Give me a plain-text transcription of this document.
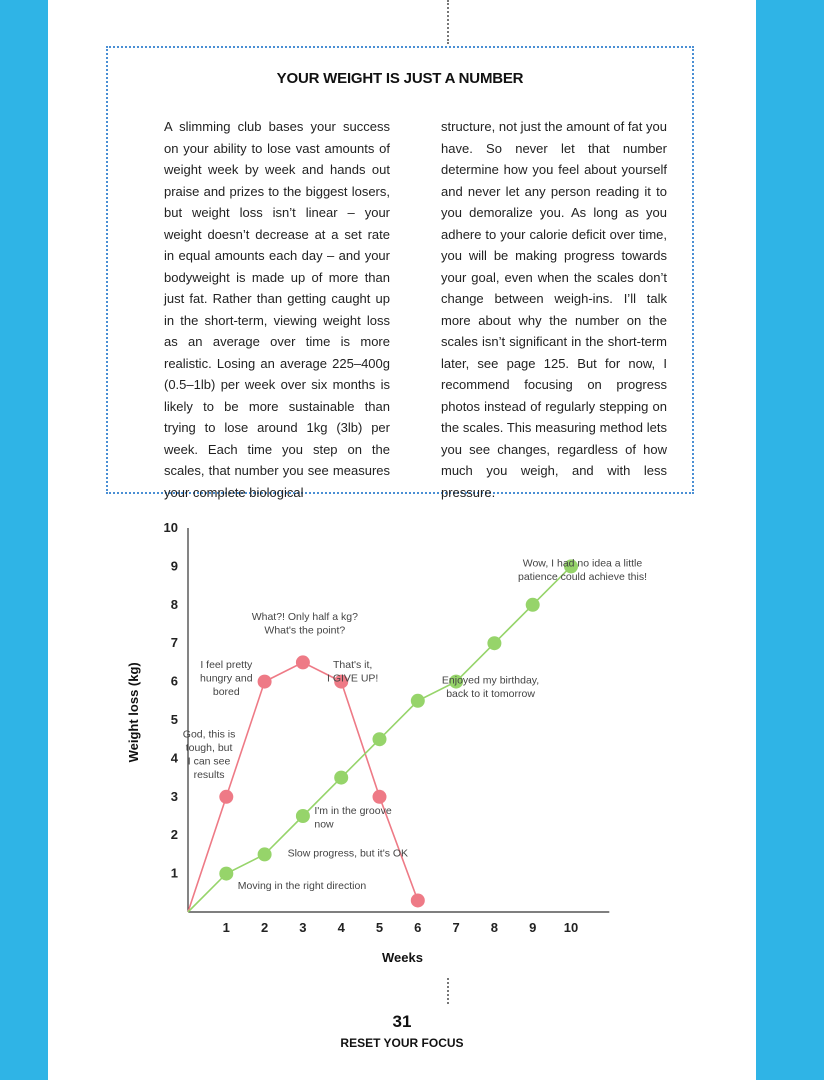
YOUR WEIGHT IS JUST A NUMBER

A slimming club bases your success on your ability to lose vast amounts of weight week by week and hands out praise and prizes to the biggest losers, but weight loss isn’t linear – your weight doesn’t decrease at a set rate in equal amounts each day – and your bodyweight is made up of more than just fat. Rather than getting caught up in the short-term, viewing weight loss as an average over time is more realistic. Losing an average 225–400g (0.5–1lb) per week over six months is likely to be more sustainable than trying to lose around 1kg (3lb) per week. Each time you step on the scales, that number you see measures your complete biological

structure, not just the amount of fat you have. So never let that number determine how you feel about yourself and never let any person reading it to you demoralize you. As long as you adhere to your calorie deficit over time, you will be making progress towards your goal, even when the scales don’t change between weigh-ins. I’ll talk more about why the number on the scales isn’t significant in the short-term later, see page 125. But for now, I recommend focusing on progress photos instead of regularly stepping on the scales. This measuring method lets you see changes, regardless of how much you weigh, and with less pressure.

31
RESET YOUR FOCUS
1 2 3 4 5 6 7 8 9 10
1
2
3
4
5
6
7
8
9
10
Weeks
Weight loss (kg)	God, this is tough, but I can see results
I feel pretty hungry and bored
What?! Only half a kg? What's the point?
That's it, I GIVE UP!
Moving in the right direction
Slow progress, but it's OK
I'm in the groove now
Enjoyed my birthday, back to it tomorrow
Wow, I had no idea a little patience could achieve this!
